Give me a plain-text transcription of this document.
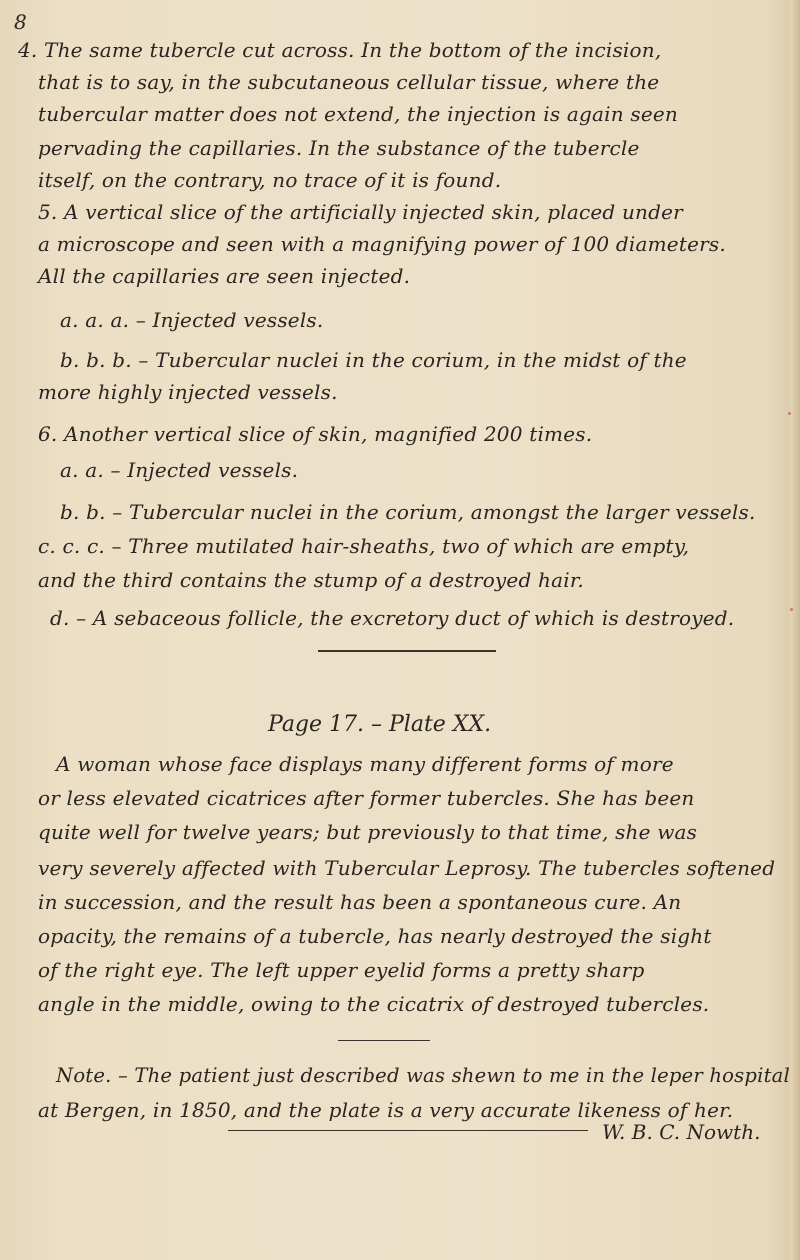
8
4. The same tubercle cut across. In the bottom of the incision,
that is to say, in the subcutaneous cellular tissue, where the
tubercular matter does not extend, the injection is again seen
pervading the capillaries. In the substance of the tubercle
itself, on the contrary, no trace of it is found.
5. A vertical slice of the artificially injected skin, placed under
a microscope and seen with a magnifying power of 100 diameters.
All the capillaries are seen injected.
a. a. a. – Injected vessels.
b. b. b. – Tubercular nuclei in the corium, in the midst of the
more highly injected vessels.
6. Another vertical slice of skin, magnified 200 times.
a. a. – Injected vessels.
b. b. – Tubercular nuclei in the corium, amongst the larger vessels.
c. c. c. – Three mutilated hair-sheaths, two of which are empty,
and the third contains the stump of a destroyed hair.
d. – A sebaceous follicle, the excretory duct of which is destroyed.
Page 17. – Plate XX.
A woman whose face displays many different forms of more
or less elevated cicatrices after former tubercles. She has been
quite well for twelve years; but previously to that time, she was
very severely affected with Tubercular Leprosy. The tubercles softened
in succession, and the result has been a spontaneous cure. An
opacity, the remains of a tubercle, has nearly destroyed the sight
of the right eye. The left upper eyelid forms a pretty sharp
angle in the middle, owing to the cicatrix of destroyed tubercles.
Note. – The patient just described was shewn to me in the leper hospital
at Bergen, in 1850, and the plate is a very accurate likeness of her.
W. B. C. Nowth.
